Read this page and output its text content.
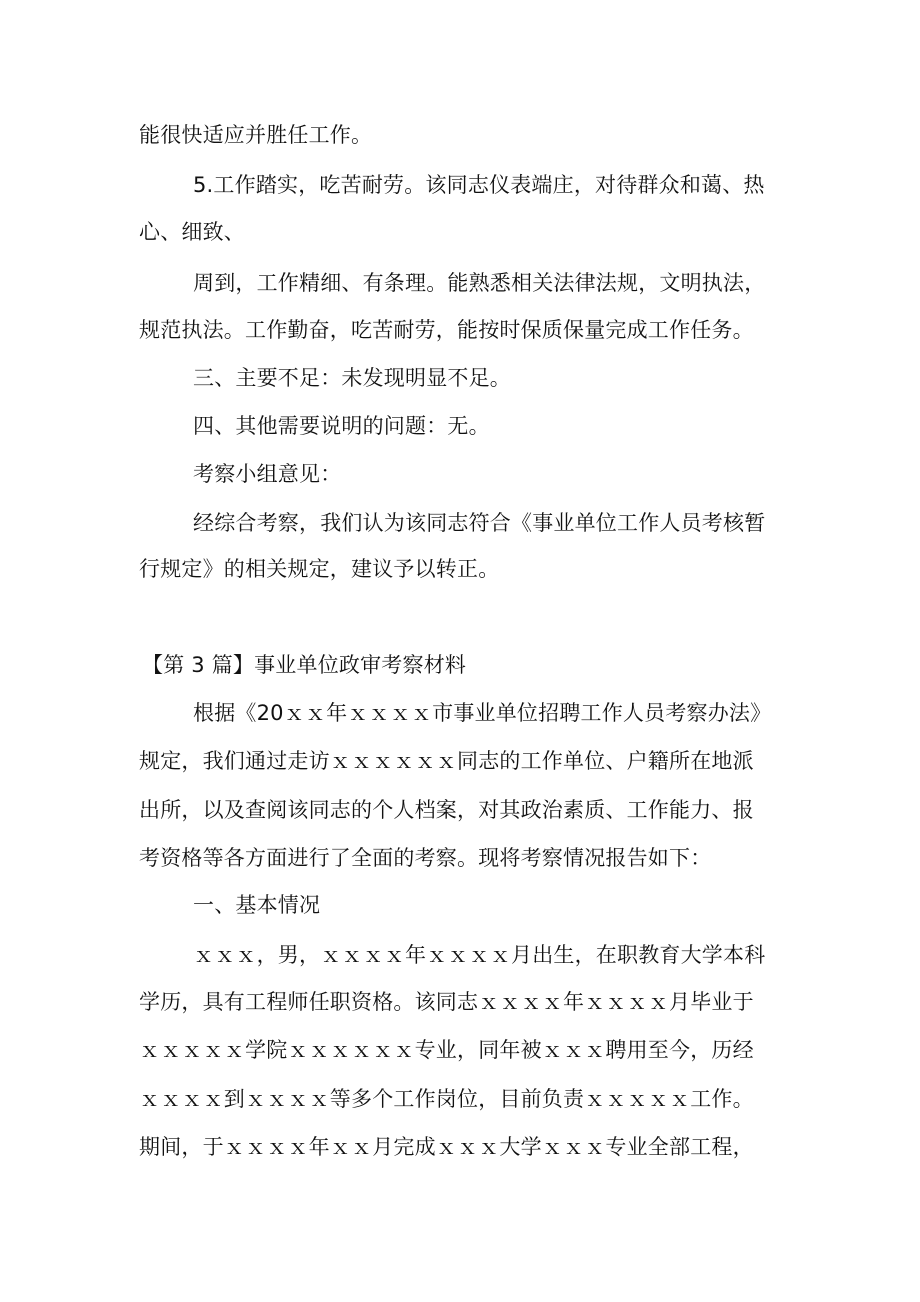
能很快适应并胜任工作。
5.工作踏实，吃苦耐劳。该同志仪表端庄，对待群众和蔼、热
心、细致、
周到，工作精细、有条理。能熟悉相关法律法规，文明执法，
规范执法。工作勤奋，吃苦耐劳，能按时保质保量完成工作任务。
三、主要不足：未发现明显不足。
四、其他需要说明的问题：无。
考察小组意见：
经综合考察，我们认为该同志符合《事业单位工作人员考核暂
行规定》的相关规定，建议予以转正。
【第 3 篇】事业单位政审考察材料
根据《20ｘｘ年ｘｘｘｘ市事业单位招聘工作人员考察办法》
规定，我们通过走访ｘｘｘｘｘｘ同志的工作单位、户籍所在地派
出所，以及查阅该同志的个人档案，对其政治素质、工作能力、报
考资格等各方面进行了全面的考察。现将考察情况报告如下：
一、基本情况
ｘｘｘ，男，ｘｘｘｘ年ｘｘｘｘ月出生，在职教育大学本科
学历，具有工程师任职资格。该同志ｘｘｘｘ年ｘｘｘｘ月毕业于
ｘｘｘｘｘ学院ｘｘｘｘｘｘ专业，同年被ｘｘｘ聘用至今，历经
ｘｘｘｘ到ｘｘｘｘ等多个工作岗位，目前负责ｘｘｘｘｘ工作。
期间，于ｘｘｘｘ年ｘｘ月完成ｘｘｘ大学ｘｘｘ专业全部工程，
